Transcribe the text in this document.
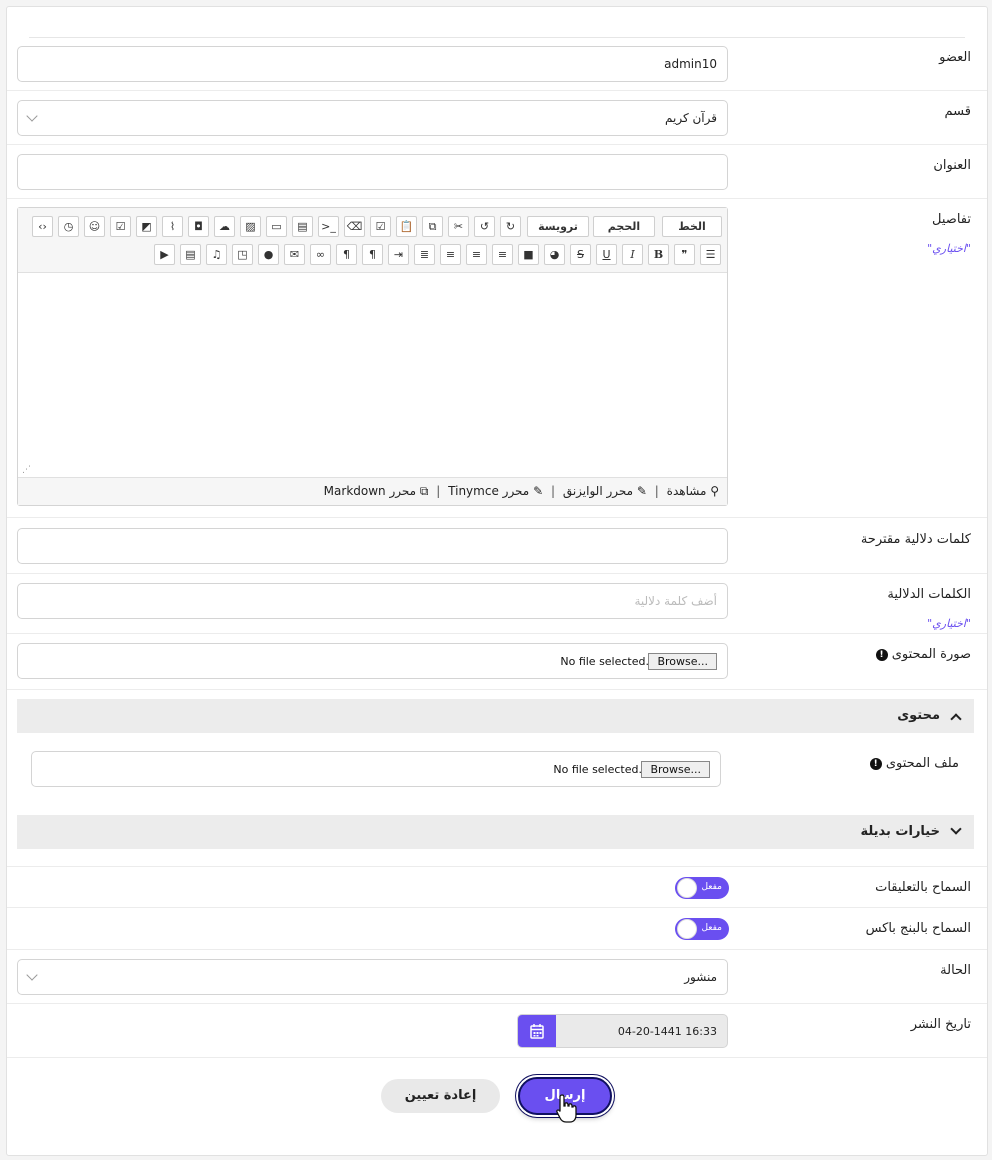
العضو
admin10
قسم
قرآن كريم
العنوان
تفاصيل
"اختياري"
الخط
الحجم
ترويسة
↻
↺
✂
⧉
📋
☑
⌫
>_
▤
▭
▨
☁
◘
⌇
◩
☑
☺
◷
‹›
☰
❞
B
I
U
S
◕
■
≡
≡
≡
≣
⇥
¶
¶
∞
✉
●
◳
♫
▤
▶
⋰
⚲ مشاهدة | ✎ محرر الوايزنق | ✎ محرر Tinymce | ⧉ محرر Markdown
كلمات دلالية مقترحة
الكلمات الدلالية
"اختياري"
أضف كلمة دلالية
صورة المحتوى !
Browse...
No file selected.
محتوى
ملف المحتوى !
Browse...
No file selected.
خيارات بديلة
السماح بالتعليقات
مفعل
السماح بالبنج باكس
مفعل
الحالة
منشور
تاريخ النشر
04-20-1441 16:33
إعادة تعيين	إرسال
